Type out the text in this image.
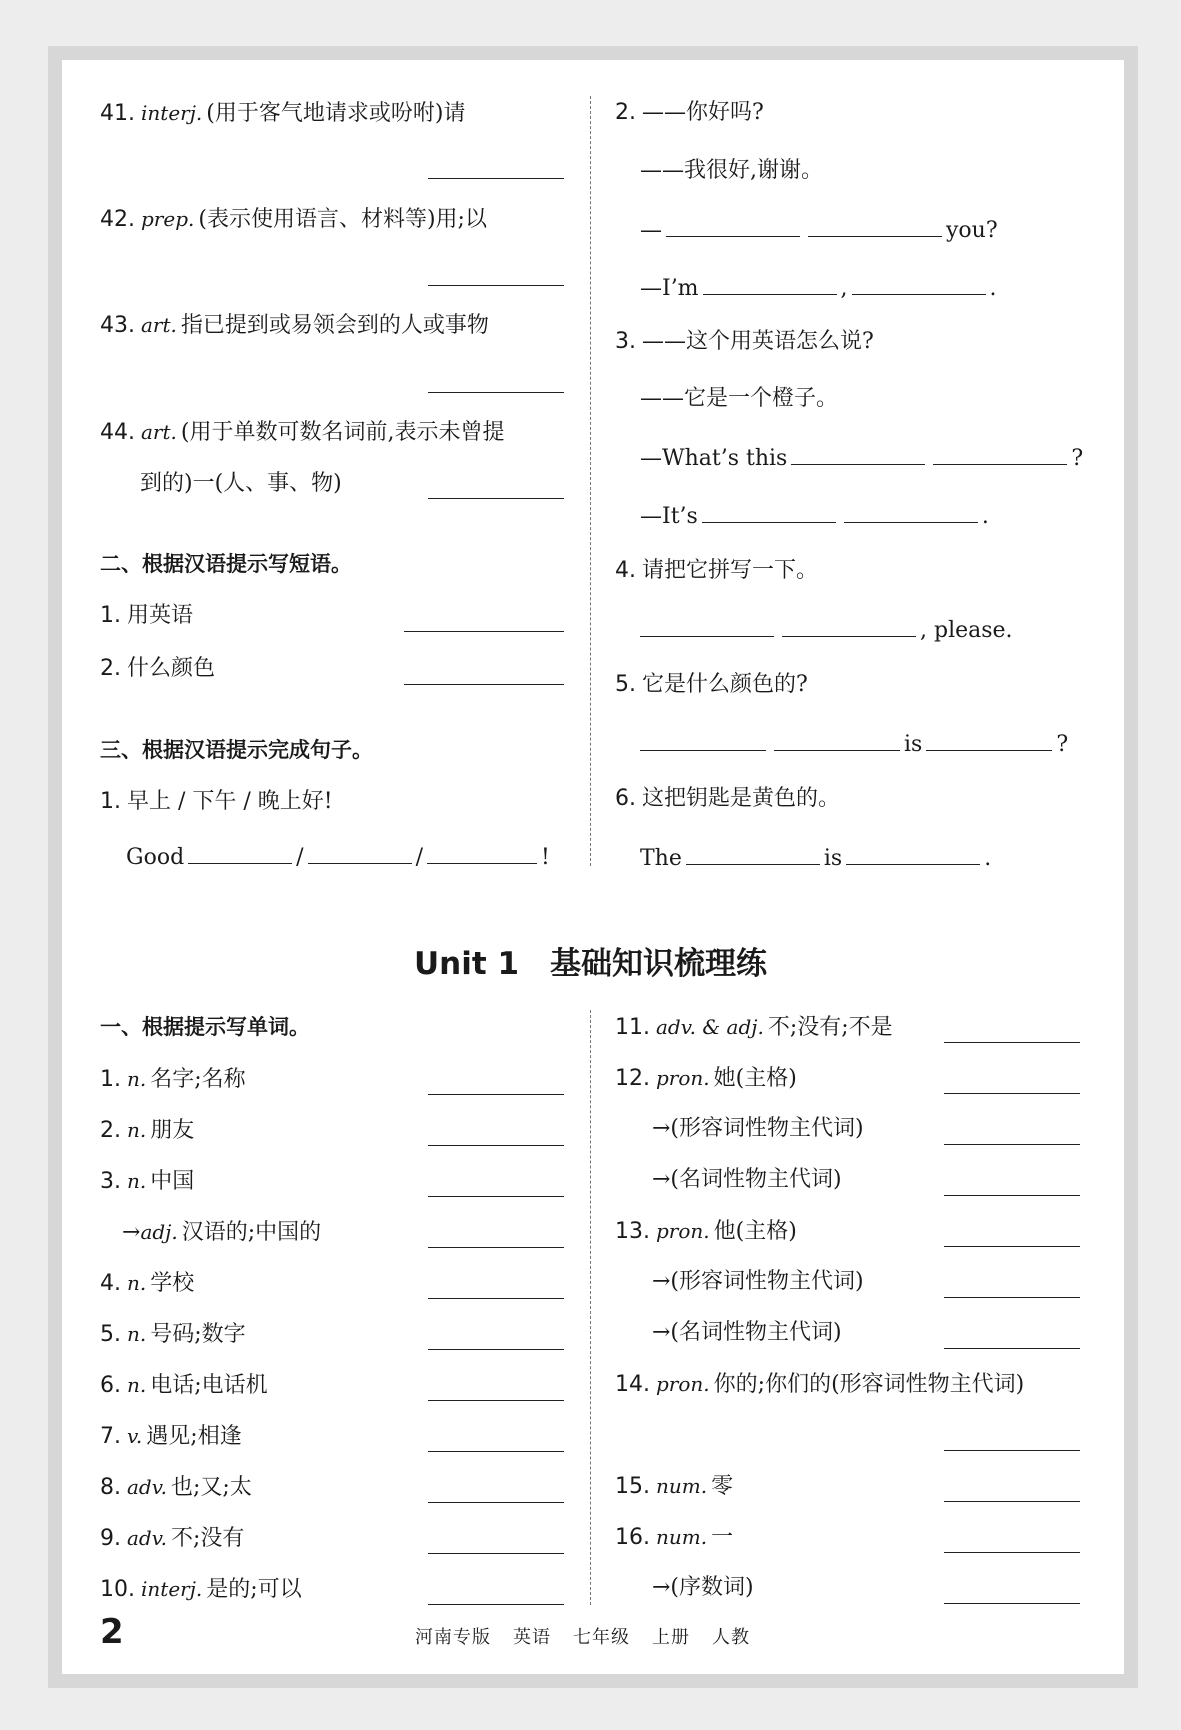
41. interj. (用于客气地请求或吩咐)请
42. prep. (表示使用语言、材料等)用;以
43. art. 指已提到或易领会到的人或事物
44. art. (用于单数可数名词前,表示未曾提
到的)一(人、事、物)
二、根据汉语提示写短语。
1. 用英语
2. 什么颜色
三、根据汉语提示完成句子。
1. 早上 / 下午 / 晚上好!
Good	/	/	!
2. ——你好吗?
——我很好,谢谢。
—	you?
—I’m	,	.
3. ——这个用英语怎么说?
——它是一个橙子。
—What’s this	?
—It’s	.
4. 请把它拼写一下。
, please.
5. 它是什么颜色的?
is	?
6. 这把钥匙是黄色的。
The	is	.
Unit 1　基础知识梳理练
一、根据提示写单词。
1. n. 名字;名称
2. n. 朋友
3. n. 中国
→adj. 汉语的;中国的
4. n. 学校
5. n. 号码;数字
6. n. 电话;电话机
7. v. 遇见;相逢
8. adv. 也;又;太
9. adv. 不;没有
10. interj. 是的;可以
11. adv. & adj. 不;没有;不是
12. pron. 她(主格)
→(形容词性物主代词)
→(名词性物主代词)
13. pron. 他(主格)
→(形容词性物主代词)
→(名词性物主代词)
14. pron. 你的;你们的(形容词性物主代词)
15. num. 零
16. num. 一
→(序数词)
2	河南专版 英语 七年级 上册 人教
